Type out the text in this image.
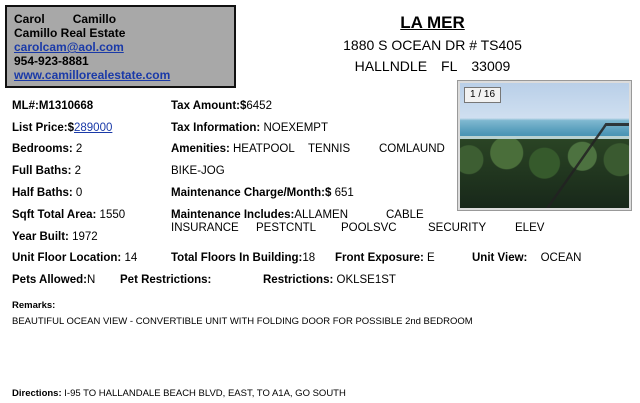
Carol Camillo
Camillo Real Estate
carolcam@aol.com
954-923-8881
www.camillorealestate.com
LA MER
1880 S OCEAN DR # TS405
HALLNDLE FL 33009
1 / 16
ML#:M1310668
List Price:$289000
Bedrooms: 2
Full Baths: 2
Half Baths: 0
Sqft Total Area: 1550
Year Built: 1972
Unit Floor Location: 14
Pets Allowed:N
Tax Amount:$6452
Tax Information: NOEXEMPT
Amenities: HEATPOOL TENNIS	COMLAUND
BIKE-JOG
Maintenance Charge/Month:$ 651
Maintenance Includes:ALLAMEN	CABLE
INSURANCE PESTCNTL POOLSVC	SECURITY	ELEV
Total Floors In Building:18 Front Exposure: E	Unit View: OCEAN
Pet Restrictions:	Restrictions: OKLSE1ST
Remarks:
BEAUTIFUL OCEAN VIEW - CONVERTIBLE UNIT WITH FOLDING DOOR FOR POSSIBLE 2nd BEDROOM
Directions: I-95 TO HALLANDALE BEACH BLVD, EAST, TO A1A, GO SOUTH
